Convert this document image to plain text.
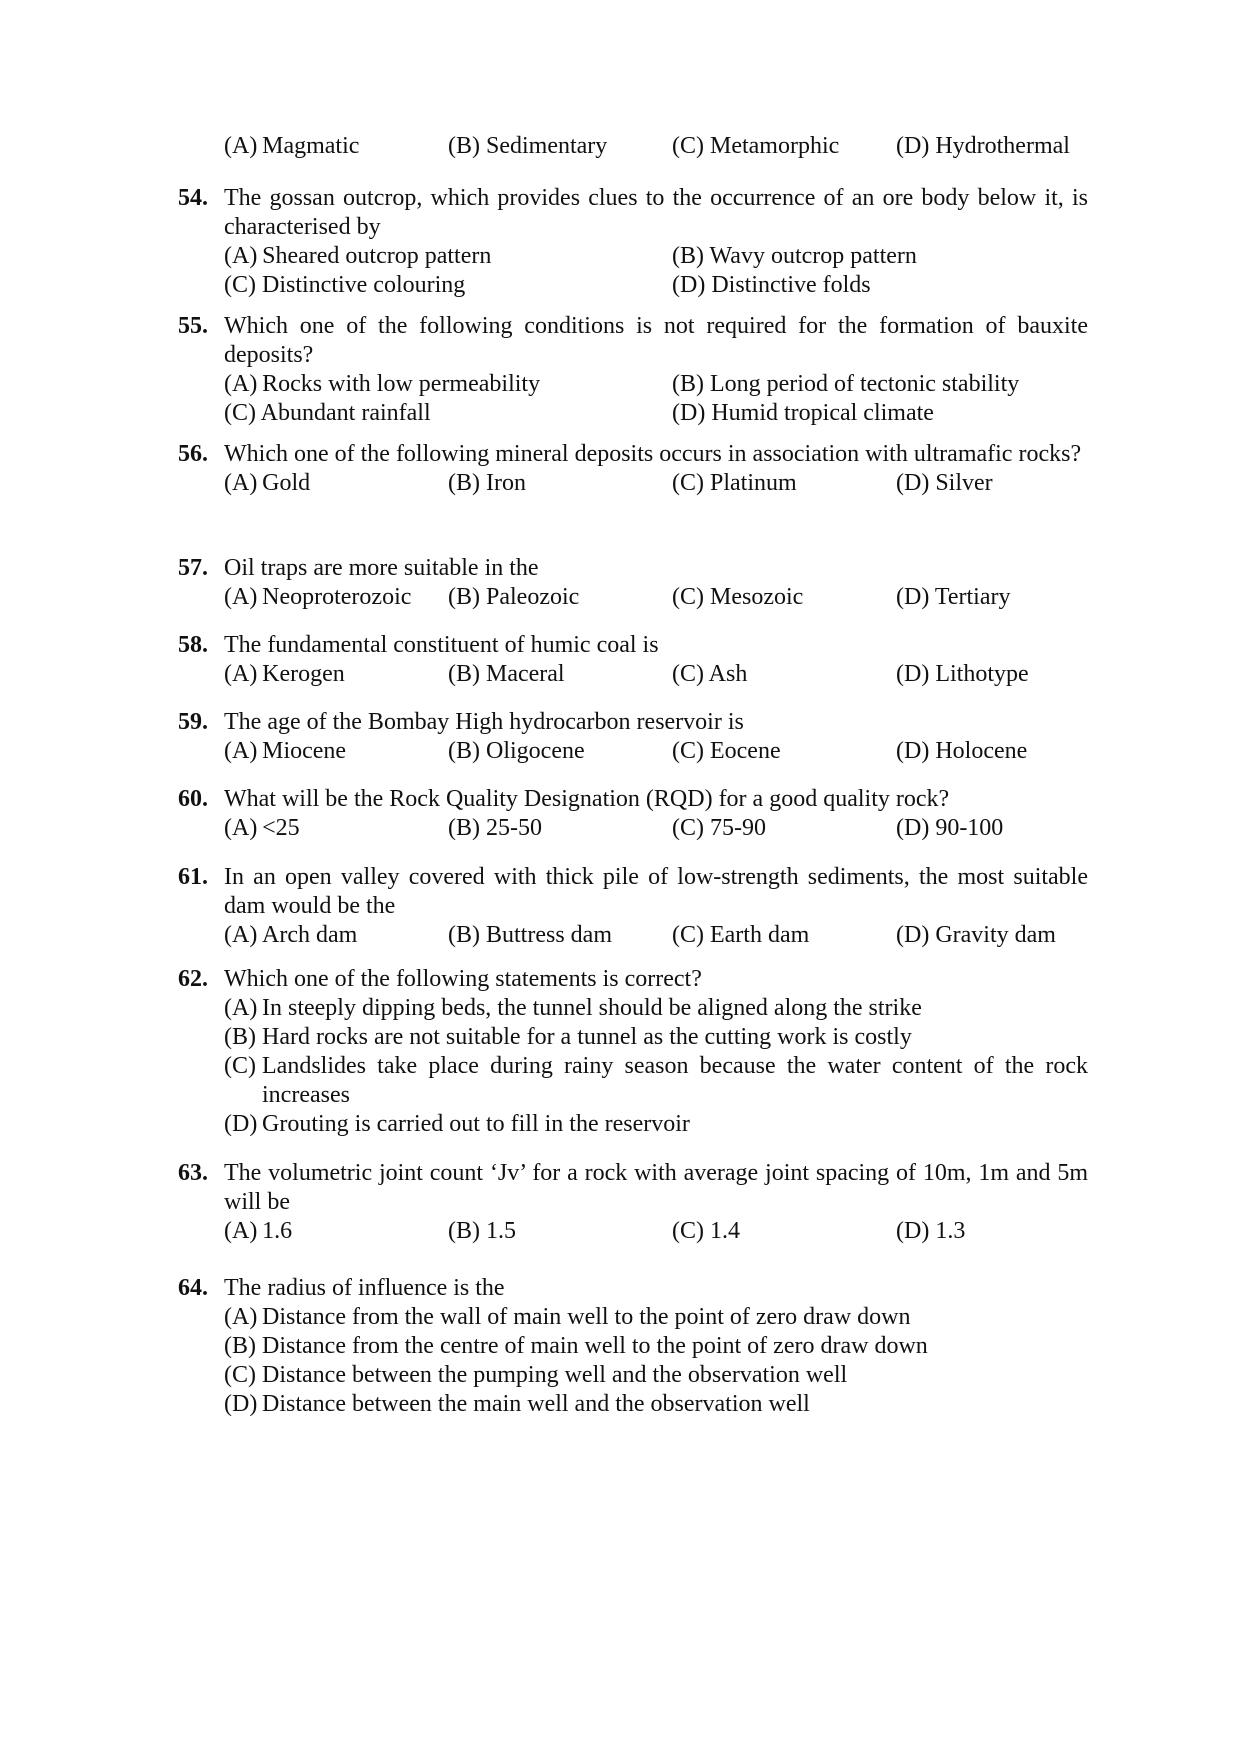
(A) Magmatic	(B) Sedimentary	(C) Metamorphic (D) Hydrothermal
54. The gossan outcrop, which provides clues to the occurrence of an ore body below it, is characterised by
(A) Sheared outcrop pattern	(B) Wavy outcrop pattern
(C) Distinctive colouring	(D) Distinctive folds
55. Which one of the following conditions is not required for the formation of bauxite deposits?
(A) Rocks with low permeability	(B) Long period of tectonic stability
(C) Abundant rainfall	(D) Humid tropical climate
56. Which one of the following mineral deposits occurs in association with ultramafic rocks?
(A) Gold	(B) Iron	(C) Platinum	(D) Silver
57. Oil traps are more suitable in the
(A) Neoproterozoic (B) Paleozoic	(C) Mesozoic	(D) Tertiary
58. The fundamental constituent of humic coal is
(A) Kerogen	(B) Maceral	(C) Ash	(D) Lithotype
59. The age of the Bombay High hydrocarbon reservoir is
(A) Miocene	(B) Oligocene	(C) Eocene	(D) Holocene
60. What will be the Rock Quality Designation (RQD) for a good quality rock?
(A) <25	(B) 25-50	(C) 75-90	(D) 90-100
61. In an open valley covered with thick pile of low-strength sediments, the most suitable dam would be the
(A) Arch dam	(B) Buttress dam	(C) Earth dam	(D) Gravity dam
62. Which one of the following statements is correct?
(A) In steeply dipping beds, the tunnel should be aligned along the strike
(B) Hard rocks are not suitable for a tunnel as the cutting work is costly
(C) Landslides take place during rainy season because the water content of the rock increases
(D) Grouting is carried out to fill in the reservoir
63. The volumetric joint count ‘Jv’ for a rock with average joint spacing of 10m, 1m and 5m will be
(A) 1.6	(B) 1.5	(C) 1.4	(D) 1.3
64. The radius of influence is the
(A) Distance from the wall of main well to the point of zero draw down
(B) Distance from the centre of main well to the point of zero draw down
(C) Distance between the pumping well and the observation well
(D) Distance between the main well and the observation well
